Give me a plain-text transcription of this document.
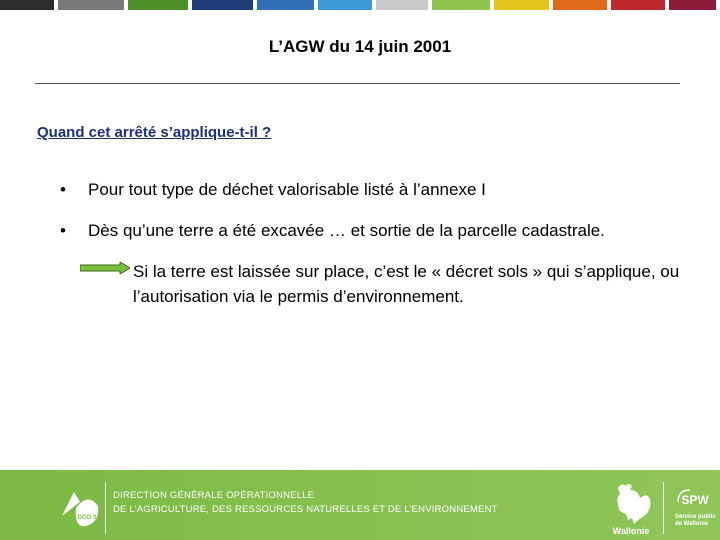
L’AGW du 14 juin 2001
Quand cet arrêté s’applique-t-il ?
• Pour tout type de déchet valorisable listé à l’annexe I
• Dès qu’une terre a été excavée … et sortie de la parcelle cadastrale.
Si la terre est laissée sur place, c’est le « décret sols » qui s’applique, ou l’autorisation via le permis d’environnement.
DGO 3
DIRECTION GÉNÉRALE OPÉRATIONNELLE
DE L’AGRICULTURE, DES RESSOURCES NATURELLES ET DE L’ENVIRONNEMENT
Wallonie
SPW
Service public
de Wallonie
